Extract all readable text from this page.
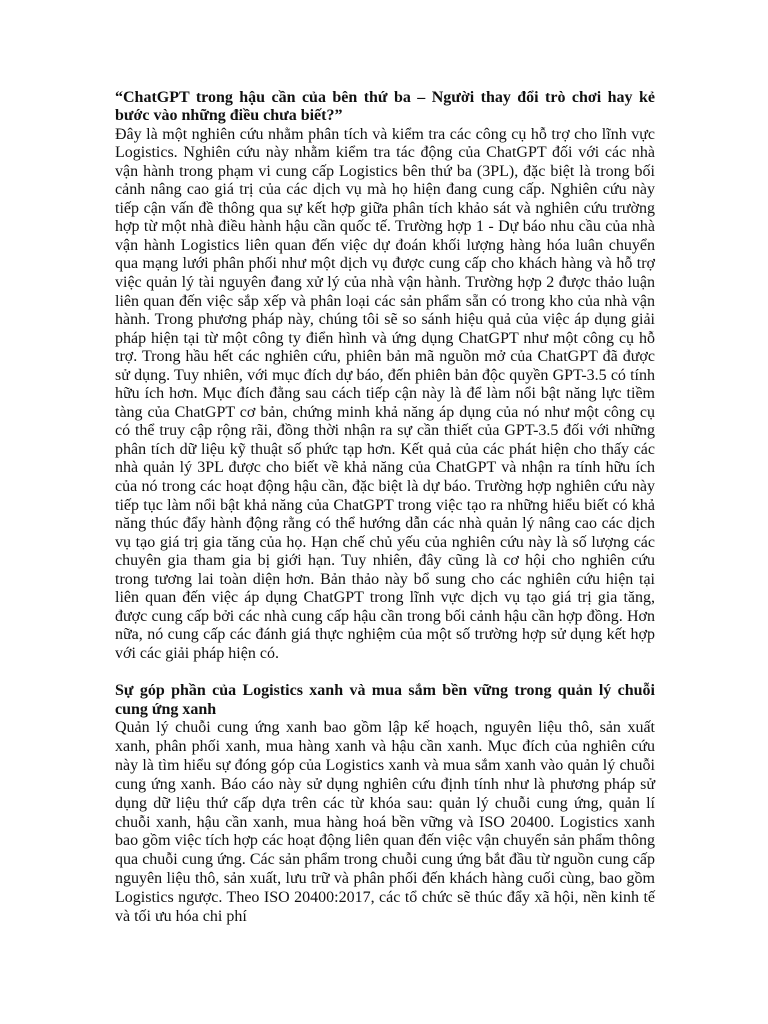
“ChatGPT trong hậu cần của bên thứ ba – Người thay đổi trò chơi hay kẻ bước vào những điều chưa biết?”

Đây là một nghiên cứu nhằm phân tích và kiểm tra các công cụ hỗ trợ cho lĩnh vực Logistics. Nghiên cứu này nhằm kiểm tra tác động của ChatGPT đối với các nhà vận hành trong phạm vi cung cấp Logistics bên thứ ba (3PL), đặc biệt là trong bối cảnh nâng cao giá trị của các dịch vụ mà họ hiện đang cung cấp. Nghiên cứu này tiếp cận vấn đề thông qua sự kết hợp giữa phân tích khảo sát và nghiên cứu trường hợp từ một nhà điều hành hậu cần quốc tế. Trường hợp 1 - Dự báo nhu cầu của nhà vận hành Logistics liên quan đến việc dự đoán khối lượng hàng hóa luân chuyển qua mạng lưới phân phối như một dịch vụ được cung cấp cho khách hàng và hỗ trợ việc quản lý tài nguyên đang xử lý của nhà vận hành. Trường hợp 2 được thảo luận liên quan đến việc sắp xếp và phân loại các sản phẩm sẵn có trong kho của nhà vận hành. Trong phương pháp này, chúng tôi sẽ so sánh hiệu quả của việc áp dụng giải pháp hiện tại từ một công ty điển hình và ứng dụng ChatGPT như một công cụ hỗ trợ. Trong hầu hết các nghiên cứu, phiên bản mã nguồn mở của ChatGPT đã được sử dụng. Tuy nhiên, với mục đích dự báo, đến phiên bản độc quyền GPT-3.5 có tính hữu ích hơn. Mục đích đằng sau cách tiếp cận này là để làm nổi bật năng lực tiềm tàng của ChatGPT cơ bản, chứng minh khả năng áp dụng của nó như một công cụ có thể truy cập rộng rãi, đồng thời nhận ra sự cần thiết của GPT-3.5 đối với những phân tích dữ liệu kỹ thuật số phức tạp hơn. Kết quả của các phát hiện cho thấy các nhà quản lý 3PL được cho biết về khả năng của ChatGPT và nhận ra tính hữu ích của nó trong các hoạt động hậu cần, đặc biệt là dự báo. Trường hợp nghiên cứu này tiếp tục làm nổi bật khả năng của ChatGPT trong việc tạo ra những hiểu biết có khả năng thúc đẩy hành động rằng có thể hướng dẫn các nhà quản lý nâng cao các dịch vụ tạo giá trị gia tăng của họ. Hạn chế chủ yếu của nghiên cứu này là số lượng các chuyên gia tham gia bị giới hạn. Tuy nhiên, đây cũng là cơ hội cho nghiên cứu trong tương lai toàn diện hơn. Bản thảo này bổ sung cho các nghiên cứu hiện tại liên quan đến việc áp dụng ChatGPT trong lĩnh vực dịch vụ tạo giá trị gia tăng, được cung cấp bởi các nhà cung cấp hậu cần trong bối cảnh hậu cần hợp đồng. Hơn nữa, nó cung cấp các đánh giá thực nghiệm của một số trường hợp sử dụng kết hợp với các giải pháp hiện có.

Sự góp phần của Logistics xanh và mua sắm bền vững trong quản lý chuỗi cung ứng xanh

Quản lý chuỗi cung ứng xanh bao gồm lập kế hoạch, nguyên liệu thô, sản xuất xanh, phân phối xanh, mua hàng xanh và hậu cần xanh. Mục đích của nghiên cứu này là tìm hiểu sự đóng góp của Logistics xanh và mua sắm xanh vào quản lý chuỗi cung ứng xanh. Báo cáo này sử dụng nghiên cứu định tính như là phương pháp sử dụng dữ liệu thứ cấp dựa trên các từ khóa sau: quản lý chuỗi cung ứng, quản lí chuỗi xanh, hậu cần xanh, mua hàng hoá bền vững và ISO 20400. Logistics xanh bao gồm việc tích hợp các hoạt động liên quan đến việc vận chuyển sản phẩm thông qua chuỗi cung ứng. Các sản phẩm trong chuỗi cung ứng bắt đầu từ nguồn cung cấp nguyên liệu thô, sản xuất, lưu trữ và phân phối đến khách hàng cuối cùng, bao gồm Logistics ngược. Theo ISO 20400:2017, các tổ chức sẽ thúc đẩy xã hội, nền kinh tế và tối ưu hóa chi phí
